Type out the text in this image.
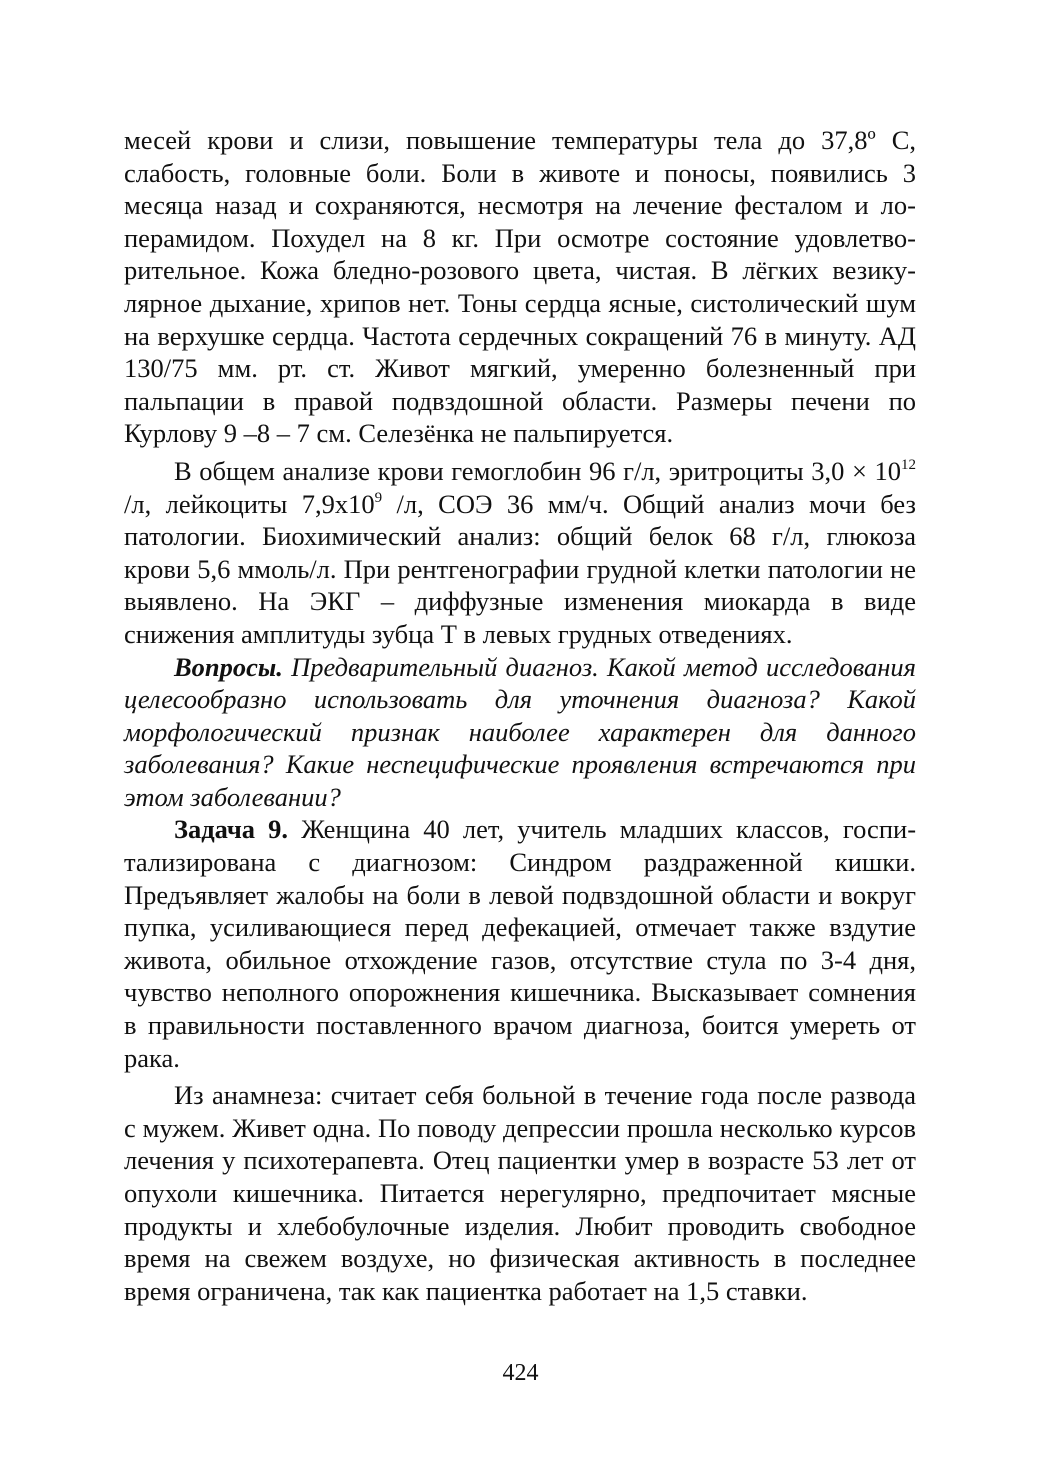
месей крови и слизи, повышение температуры тела до 37,8º С, слабость, головные боли. Боли в животе и поносы, появились 3 месяца назад и сохраняются, несмотря на лечение фесталом и лоперамидом. Похудел на 8 кг. При осмотре состояние удовлетворительное. Кожа бледно-розового цвета, чистая. В лёгких везикулярное дыхание, хрипов нет. Тоны сердца ясные, систолический шум на верхушке сердца. Частота сердечных сокращений 76 в минуту. АД 130/75 мм. рт. ст. Живот мягкий, умеренно болезненный при пальпации в правой подвздошной области. Размеры печени по Курлову 9 –8 – 7 см. Селезёнка не пальпируется.

В общем анализе крови гемоглобин 96 г/л, эритроциты $3,0 \times 10^{12}$ /л, лейкоциты $7,9х10^9$ /л, СОЭ 36 мм/ч. Общий анализ мочи без патологии. Биохимический анализ: общий белок 68 г/л, глюкоза крови 5,6 ммоль/л. При рентгенографии грудной клетки патологии не выявлено. На ЭКГ – диффузные изменения миокарда в виде снижения амплитуды зубца Т в левых грудных отведениях.

Вопросы. Предварительный диагноз. Какой метод исследования целесообразно использовать для уточнения диагноза? Какой морфологический признак наиболее характерен для данного заболевания? Какие неспецифические проявления встречаются при этом заболевании?

Задача 9. Женщина 40 лет, учитель младших классов, госпитализирована с диагнозом: Синдром раздраженной кишки. Предъявляет жалобы на боли в левой подвздошной области и вокруг пупка, усиливающиеся перед дефекацией, отмечает также вздутие живота, обильное отхождение газов, отсутствие стула по 3-4 дня, чувство неполного опорожнения кишечника. Высказывает сомнения в правильности поставленного врачом диагноза, боится умереть от рака.

Из анамнеза: считает себя больной в течение года после развода с мужем. Живет одна. По поводу депрессии прошла несколько курсов лечения у психотерапевта. Отец пациентки умер в возрасте 53 лет от опухоли кишечника. Питается нерегулярно, предпочитает мясные продукты и хлебобулочные изделия. Любит проводить свободное время на свежем воздухе, но физическая активность в последнее время ограничена, так как пациентка работает на 1,5 ставки.

424
